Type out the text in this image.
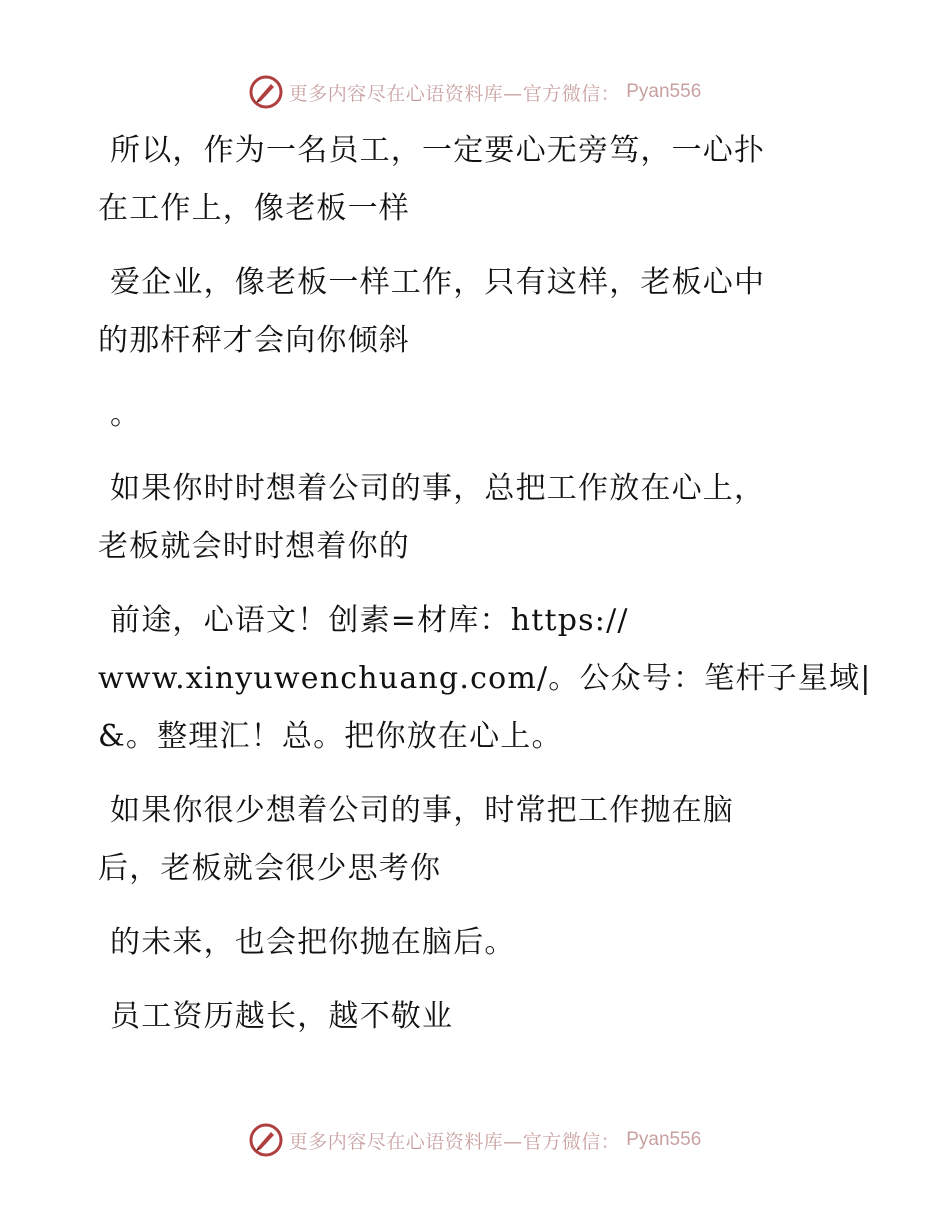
更多内容尽在心语资料库—官方微信： Pyan556
所以，作为一名员工，一定要心无旁笃，一心扑
在工作上，像老板一样
爱企业，像老板一样工作，只有这样，老板心中
的那杆秤才会向你倾斜
。
如果你时时想着公司的事，总把工作放在心上，
老板就会时时想着你的
前途，心语文！创素=材库：https://
www.xinyuwenchuang.com/。公众号：笔杆子星域|
&。整理汇！总。把你放在心上。
如果你很少想着公司的事，时常把工作抛在脑
后，老板就会很少思考你
的未来，也会把你抛在脑后。
员工资历越长，越不敬业
更多内容尽在心语资料库—官方微信： Pyan556
